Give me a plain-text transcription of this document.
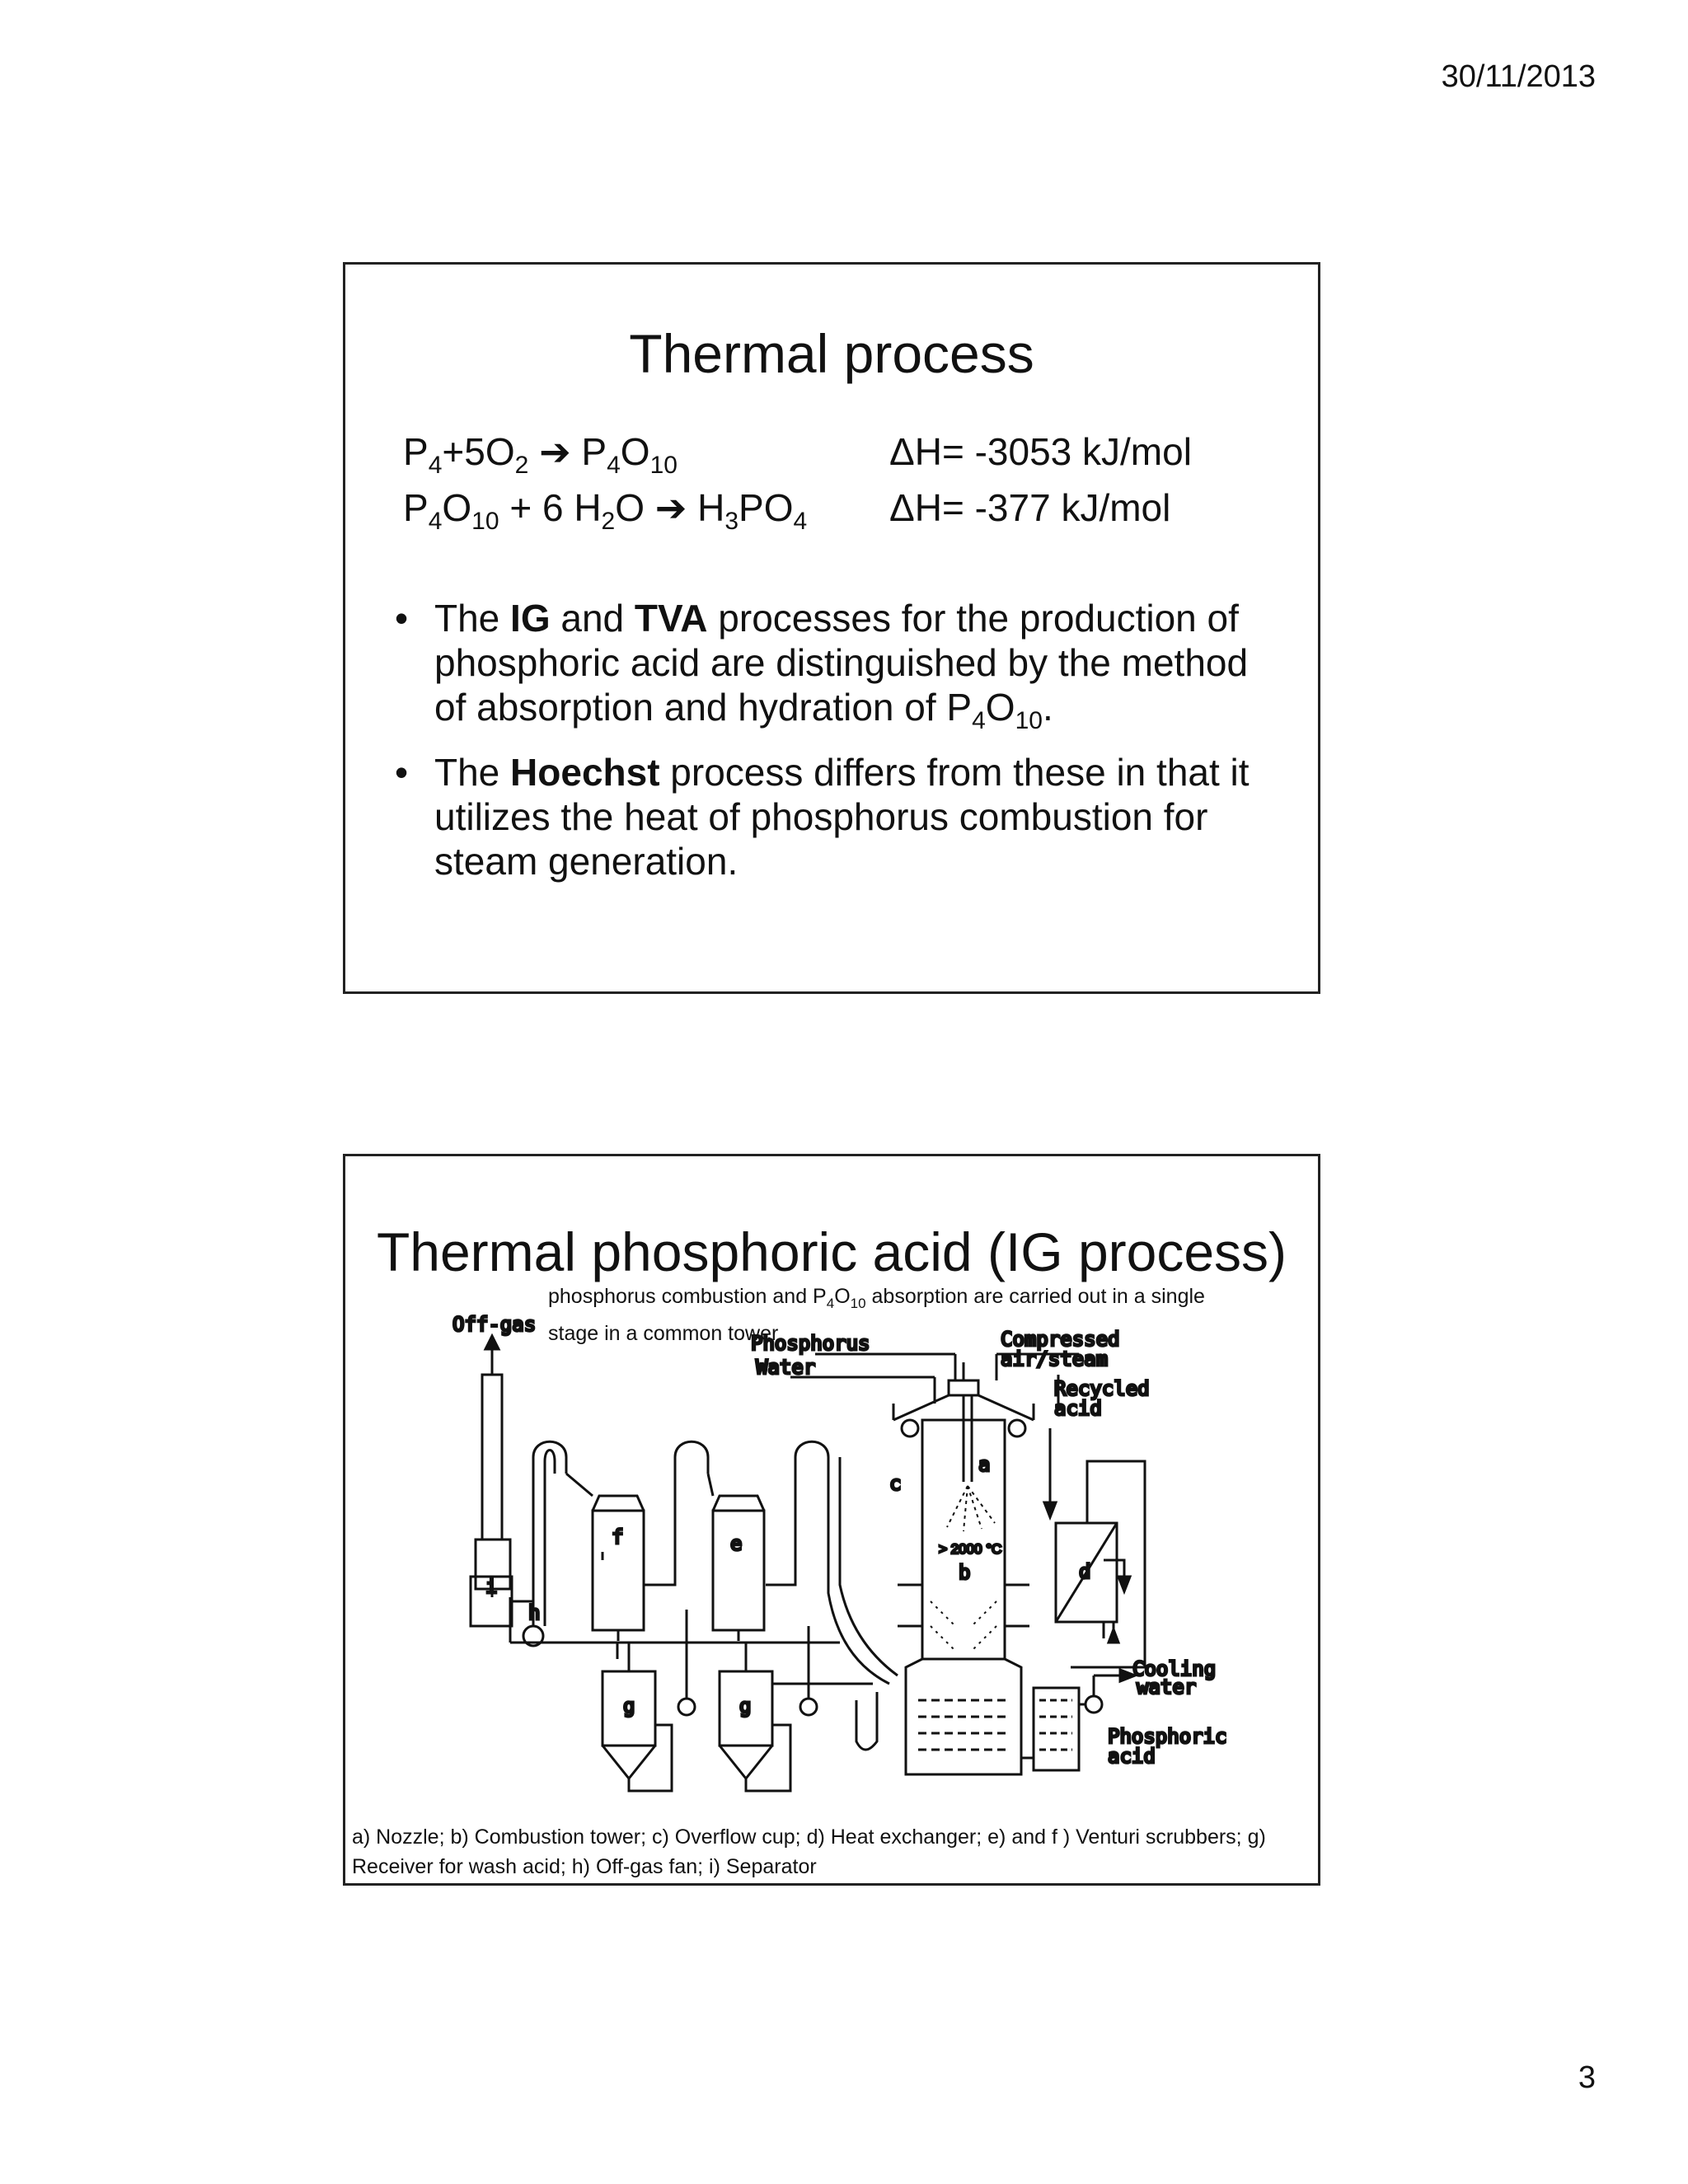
30/11/2013
Thermal process
$P_4+5O_2$ ➔ $P_4O_{10}$	ΔH= -3053 kJ/mol
$P_4O_{10} + 6$ $H_2O$ ➔ $H_3PO_4$ ΔH= -377 kJ/mol
• The IG and TVA processes for the production of phosphoric acid are distinguished by the method of absorption and hydration of $P_4O_{10}$.
• The Hoechst process differs from these in that it utilizes the heat of phosphorus combustion for steam generation.
Thermal phosphoric acid (IG process)
phosphorus combustion and $P_4O_{10}$ absorption are carried out in a single stage in a common tower
Off-gas
Phosphorus
Water
Compressed
air/steam
Recycled
acid
a
b
c
d
e
f
g	g
h
i
> 2000 °C
Cooling
water
Phosphoric
acid
a) Nozzle; b) Combustion tower; c) Overflow cup; d) Heat exchanger; e) and f ) Venturi scrubbers; g) Receiver for wash acid; h) Off-gas fan; i) Separator
3
